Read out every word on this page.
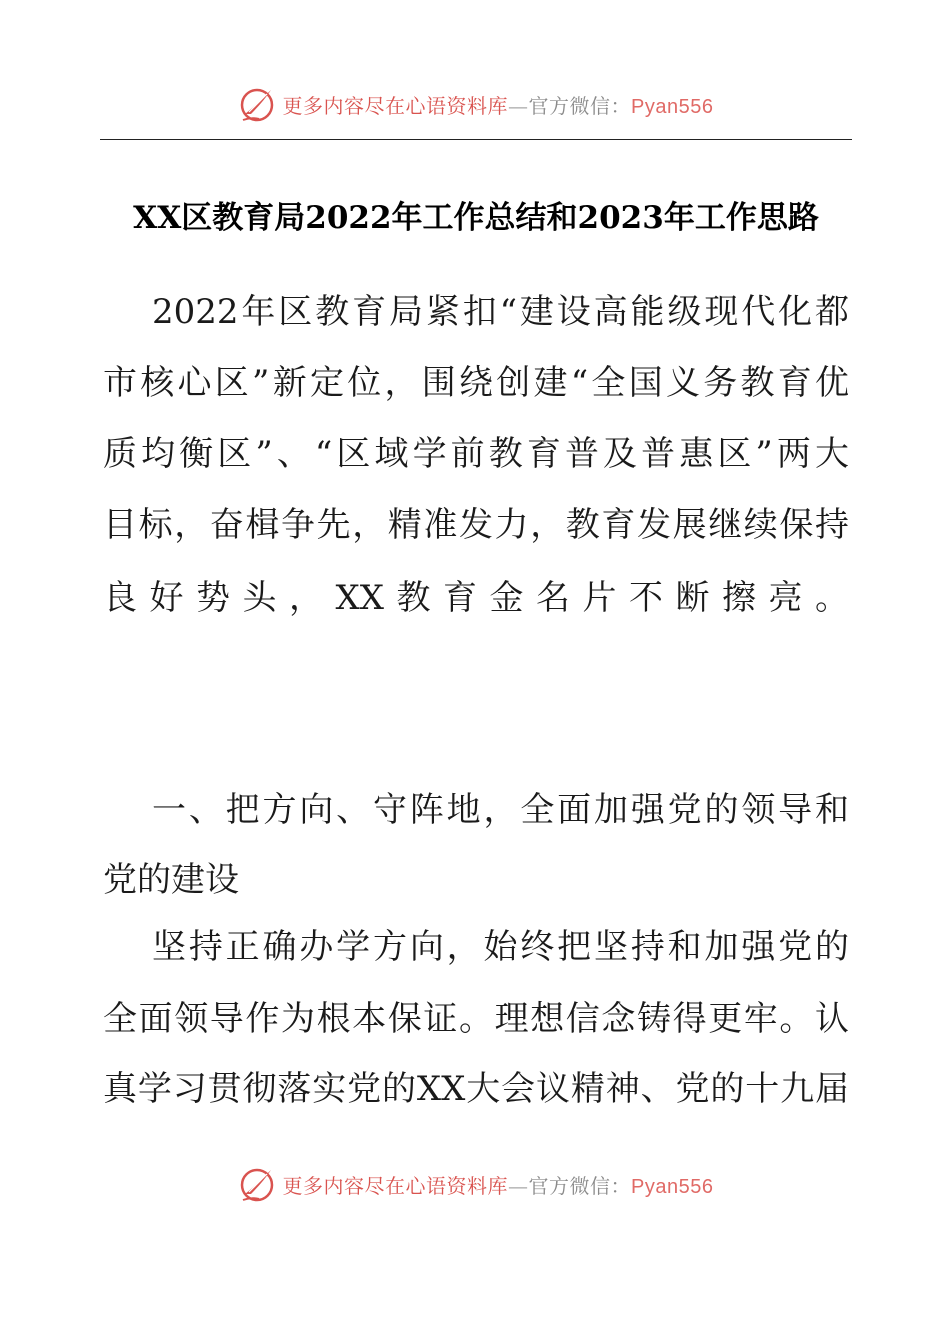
更多内容尽在心语资料库—官方微信：Pyan556
XX区教育局2022年工作总结和2023年工作思路
2022年区教育局紧扣“建设高能级现代化都
市核心区”新定位，围绕创建“全国义务教育优
质均衡区”、“区域学前教育普及普惠区”两大
目标，奋楫争先，精准发力，教育发展继续保持
良好势头，XX教育金名片不断擦亮。
一、把方向、守阵地，全面加强党的领导和
党的建设
坚持正确办学方向，始终把坚持和加强党的
全面领导作为根本保证。理想信念铸得更牢。认
真学习贯彻落实党的XX大会议精神、党的十九届
更多内容尽在心语资料库—官方微信：Pyan556
